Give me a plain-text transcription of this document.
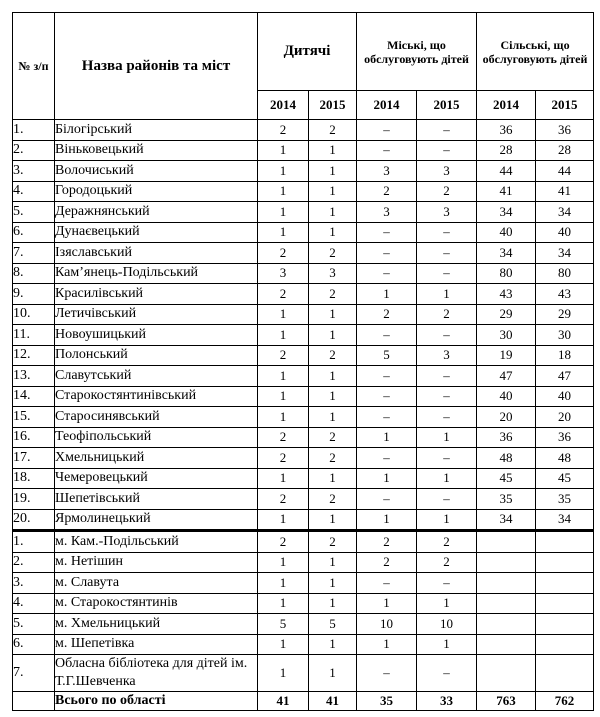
№ з/п	Назва районів та міст	Дитячі		Міські, що обслуговують дітей		Сільські, що обслуговують дітей	
		2014	2015	2014	2015	2014	2015
1.	Білогірський	2	2	–	–	36	36
2.	Віньковецький	1	1	–	–	28	28
3.	Волочиський	1	1	3	3	44	44
4.	Городоцький	1	1	2	2	41	41
5.	Деражнянський	1	1	3	3	34	34
6.	Дунаєвецький	1	1	–	–	40	40
7.	Ізяславський	2	2	–	–	34	34
8.	Кам’янець-Подільський	3	3	–	–	80	80
9.	Красилівський	2	2	1	1	43	43
10.	Летичівський	1	1	2	2	29	29
11.	Новоушицький	1	1	–	–	30	30
12.	Полонський	2	2	5	3	19	18
13.	Славутський	1	1	–	–	47	47
14.	Старокостянтинівський	1	1	–	–	40	40
15.	Старосинявський	1	1	–	–	20	20
16.	Теофіпольський	2	2	1	1	36	36
17.	Хмельницький	2	2	–	–	48	48
18.	Чемеровецький	1	1	1	1	45	45
19.	Шепетівський	2	2	–	–	35	35
20.	Ярмолинецький	1	1	1	1	34	34
1.	м. Кам.-Подільський	2	2	2	2		
2.	м. Нетішин	1	1	2	2		
3.	м. Славута	1	1	–	–		
4.	м. Старокостянтинів	1	1	1	1		
5.	м. Хмельницький	5	5	10	10		
6.	м. Шепетівка	1	1	1	1		
7.	Обласна бібліотека для дітей ім. Т.Г.Шевченка	1	1	–	–		
	Всього по області	41	41	35	33	763	762
